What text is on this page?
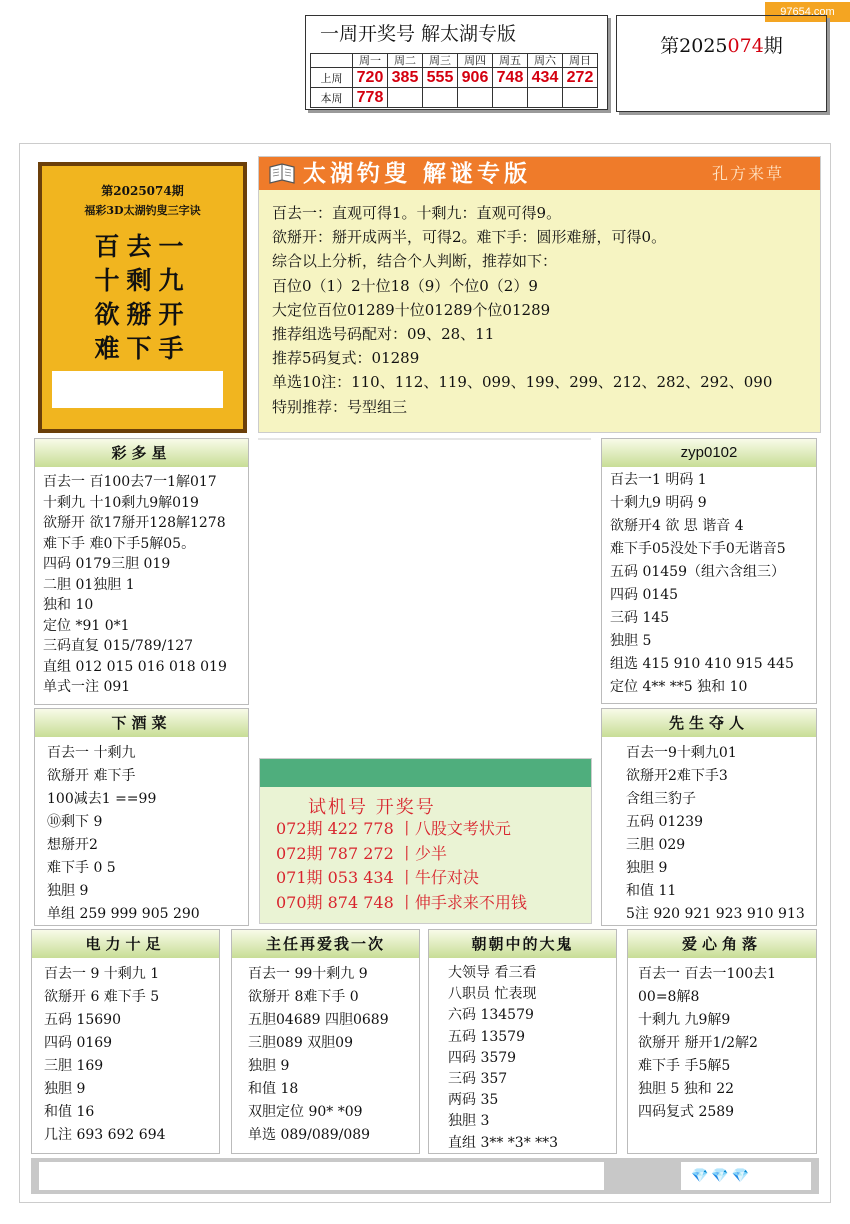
97654.com
一周开奖号 解太湖专版
	周一	周二	周三	周四	周五	周六	周日
上周	720	385	555	906	748	434	272
本周	778						
第2025074期
第2025074期
福彩3D太湖钓叟三字诀
百去一
十剩九
欲掰开
难下手
太湖钓叟 解谜专版	孔方来草
百去一：直观可得1。十剩九：直观可得9。
欲掰开：掰开成两半，可得2。难下手：圆形难掰，可得0。
综合以上分析，结合个人判断，推荐如下：
百位0（1）2十位18（9）个位0（2）9
大定位百位01289十位01289个位01289
推荐组选号码配对：09、28、11
推荐5码复式：01289
单选10注：110、112、119、099、199、299、212、282、292、090
特别推荐：号型组三
彩多星
百去一 百100去7一1解017
十剩九 十10剩九9解019
欲掰开 欲17掰开128解1278
难下手 难0下手5解05。
四码 0179三胆 019
二胆 01独胆 1
独和 10
定位 *91 0*1
三码直复 015/789/127
直组 012 015 016 018 019
单式一注 091
zyp0102
百去一1 明码 1
十剩九9 明码 9
欲掰开4 欲 思 谐音 4
难下手05没处下手0无谐音5
五码 01459（组六含组三）
四码 0145
三码 145
独胆 5
组选 415 910 410 915 445
定位 4** **5 独和 10
下酒菜
百去一 十剩九
欲掰开 难下手
100减去1 ==99
⑩剩下 9
想掰开2
难下手 0 5
独胆 9
单组 259 999 905 290
先生夺人
百去一9十剩九01
欲掰开2难下手3
含组三豹子
五码 01239
三胆 029
独胆 9
和值 11
5注 920 921 923 910 913
试机号 开奖号
072期 422 778 丨八股文考状元
072期 787 272 丨少半
071期 053 434 丨牛仔对决
070期 874 748 丨伸手求来不用钱
电力十足
百去一 9 十剩九 1
欲掰开 6 难下手 5
五码 15690
四码 0169
三胆 169
独胆 9
和值 16
几注 693 692 694
主任再爱我一次
百去一 99十剩九 9
欲掰开 8难下手 0
五胆04689 四胆0689
三胆089 双胆09
独胆 9
和值 18
双胆定位 90* *09
单选 089/089/089
朝朝中的大鬼
大领导 看三看
八职员 忙表现
六码 134579
五码 13579
四码 3579
三码 357
两码 35
独胆 3
直组 3** *3* **3
爱心角落
百去一 百去一100去1
00=8解8
十剩九 九9解9
欲掰开 掰开1/2解2
难下手 手5解5
独胆 5 独和 22
四码复式 2589
💎💎💎
